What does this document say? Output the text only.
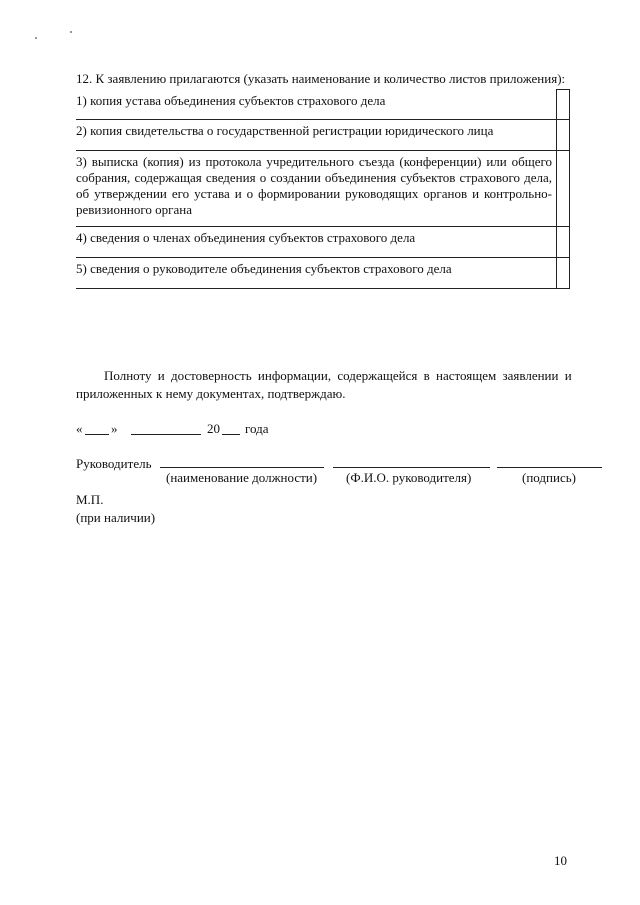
12. К заявлению прилагаются (указать наименование и количество листов приложения):
1) копия устава объединения субъектов страхового дела
2) копия свидетельства о государственной регистрации юридического лица
3) выписка (копия) из протокола учредительного съезда (конференции) или общего собрания, содержащая сведения о создании объединения субъектов страхового дела, об утверждении его устава и о формировании руководящих органов и контрольно-ревизионного органа
4) сведения о членах объединения субъектов страхового дела
5) сведения о руководителе объединения субъектов страхового дела
Полноту и достоверность информации, содержащейся в настоящем заявлении и
приложенных к нему документах, подтверждаю.
« »	20 года
Руководитель
(наименование должности) (Ф.И.О. руководителя)	(подпись)
М.П.
(при наличии)
10
